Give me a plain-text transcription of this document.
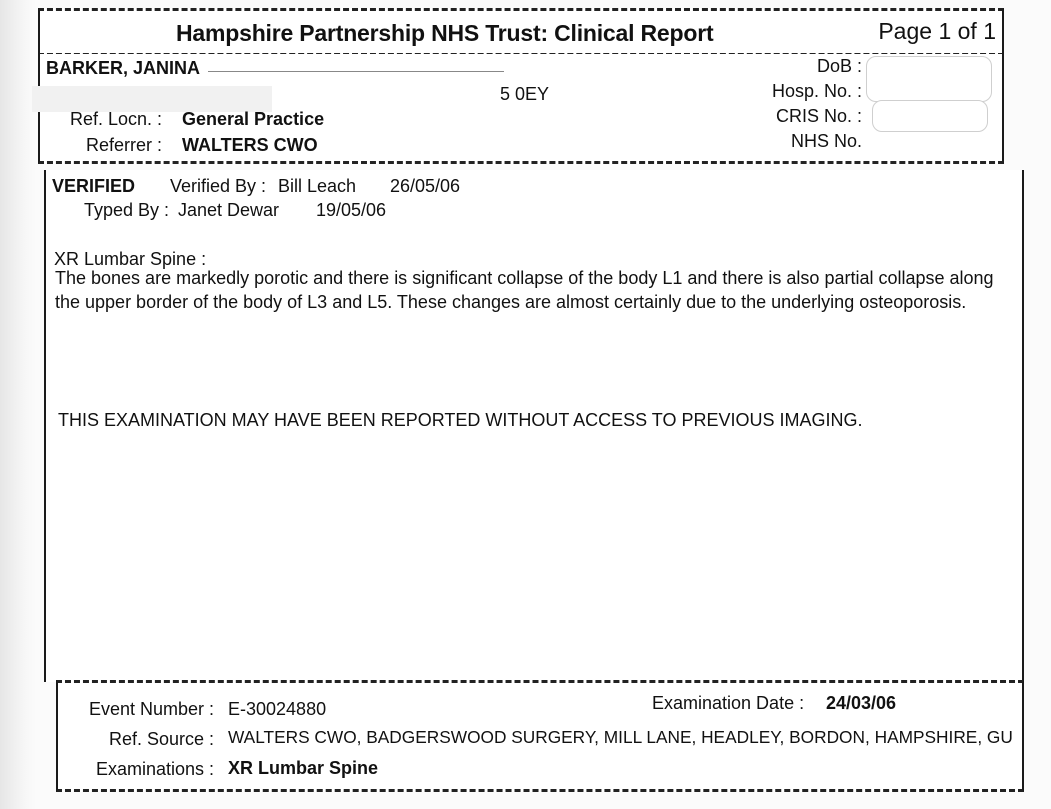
Hampshire Partnership NHS Trust: Clinical Report	Page 1 of 1
BARKER, JANINA
5 0EY
DoB :
Hosp. No. :
CRIS No. :
NHS No.
Ref. Locn. : General Practice
Referrer : WALTERS CWO
VERIFIED Verified By : Bill Leach 26/05/06
Typed By : Janet Dewar 19/05/06
XR Lumbar Spine :
The bones are markedly porotic and there is significant collapse of the body L1 and there is also partial collapse along the upper border of the body of L3 and L5. These changes are almost certainly due to the underlying osteoporosis.
THIS EXAMINATION MAY HAVE BEEN REPORTED WITHOUT ACCESS TO PREVIOUS IMAGING.
Event Number : E-30024880	Examination Date : 24/03/06
Ref. Source : WALTERS CWO, BADGERSWOOD SURGERY, MILL LANE, HEADLEY, BORDON, HAMPSHIRE, GU
Examinations : XR Lumbar Spine
